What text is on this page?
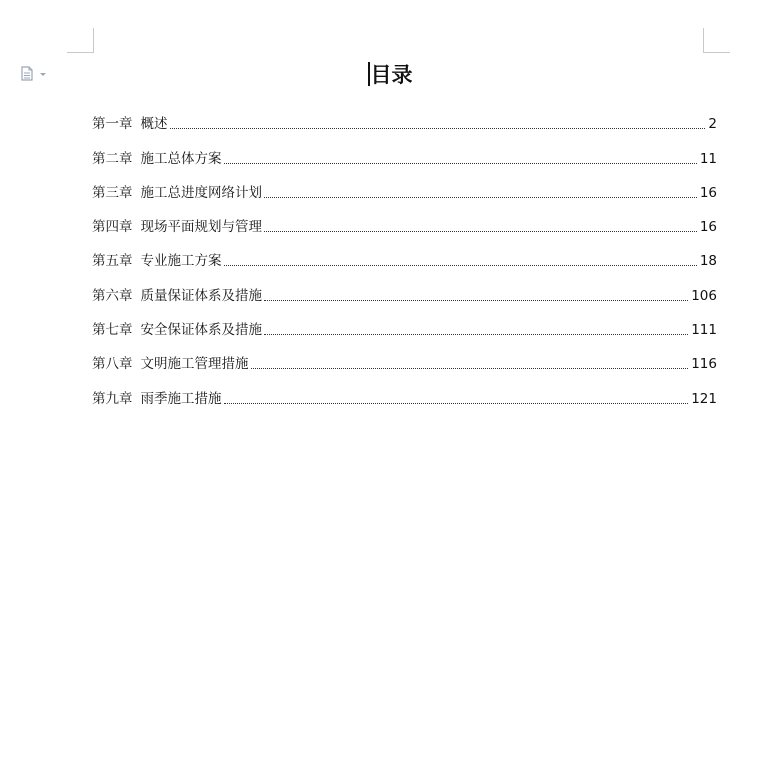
目录
第一章 概述	2
第二章 施工总体方案	11
第三章 施工总进度网络计划	16
第四章 现场平面规划与管理	16
第五章 专业施工方案	18
第六章 质量保证体系及措施	106
第七章 安全保证体系及措施	111
第八章 文明施工管理措施	116
第九章 雨季施工措施	121
